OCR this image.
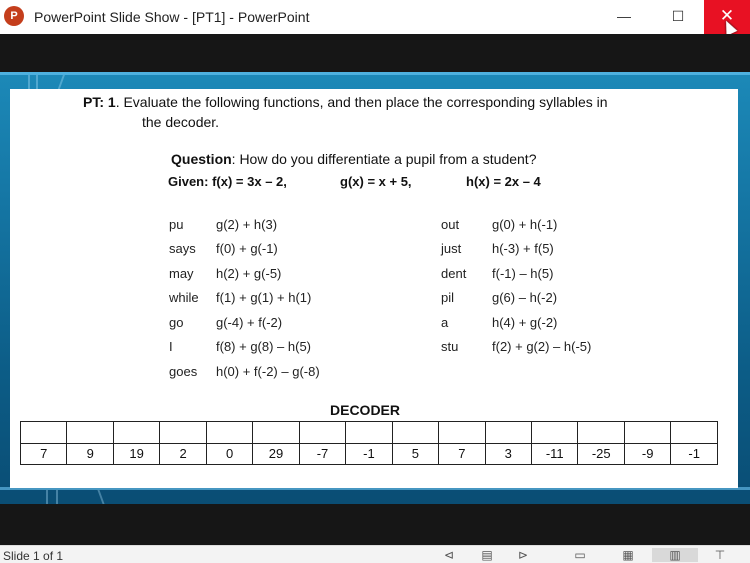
P	PowerPoint Slide Show - [PT1] - PowerPoint	—	☐	✕
PT: 1. Evaluate the following functions, and then place the corresponding syllables in
the decoder.
Question: How do you differentiate a pupil from a student?
Given: f(x) = 3x – 2,	g(x) = x + 5,	h(x) = 2x – 4
pu	g(2) + h(3)
says f(0) + g(-1)
may h(2) + g(-5)
while f(1) + g(1) + h(1)
go	g(-4) + f(-2)
I	f(8) + g(8) – h(5)
goes h(0) + f(-2) – g(-8)
out	g(0) + h(-1)
just h(-3) + f(5)
dent f(-1) – h(5)
pil	g(6) – h(-2)
a	h(4) + g(-2)
stu	f(2) + g(2) – h(-5)
DECODER

7	9	19	2	0	29	-7	-1	5	7	3	-11	-25	-9	-1
Slide 1 of 1	⊲ ▤ ⊳	▭	▦	▥	⊤
